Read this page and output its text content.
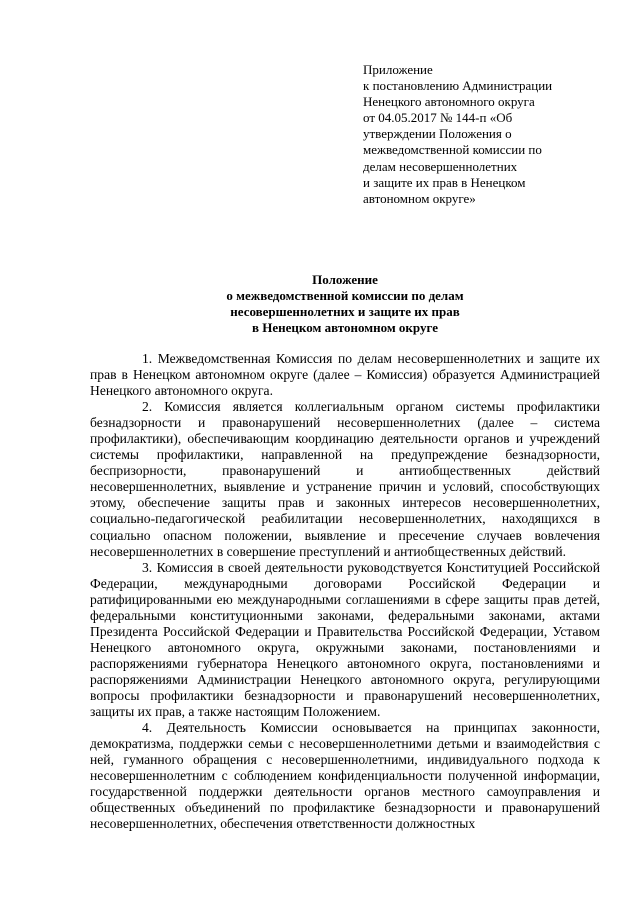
Приложение
к постановлению Администрации
Ненецкого автономного округа
от 04.05.2017 № 144-п «Об
утверждении Положения о
межведомственной комиссии по
делам несовершеннолетних
и защите их прав в Ненецком
автономном округе»
Положение
о межведомственной комиссии по делам
несовершеннолетних и защите их прав
в Ненецком автономном округе

1. Межведомственная Комиссия по делам несовершеннолетних и защите их прав в Ненецком автономном округе (далее – Комиссия) образуется Администрацией Ненецкого автономного округа.

2. Комиссия является коллегиальным органом системы профилактики безнадзорности и правонарушений несовершеннолетних (далее – система профилактики), обеспечивающим координацию деятельности органов и учреждений системы профилактики, направленной на предупреждение безнадзорности, беспризорности, правонарушений и антиобщественных действий несовершеннолетних, выявление и устранение причин и условий, способствующих этому, обеспечение защиты прав и законных интересов несовершеннолетних, социально-педагогической реабилитации несовершеннолетних, находящихся в социально опасном положении, выявление и пресечение случаев вовлечения несовершеннолетних в совершение преступлений и антиобщественных действий.

3. Комиссия в своей деятельности руководствуется Конституцией Российской Федерации, международными договорами Российской Федерации и ратифицированными ею международными соглашениями в сфере защиты прав детей, федеральными конституционными законами, федеральными законами, актами Президента Российской Федерации и Правительства Российской Федерации, Уставом Ненецкого автономного округа, окружными законами, постановлениями и распоряжениями губернатора Ненецкого автономного округа, постановлениями и распоряжениями Администрации Ненецкого автономного округа, регулирующими вопросы профилактики безнадзорности и правонарушений несовершеннолетних, защиты их прав, а также настоящим Положением.

4. Деятельность Комиссии основывается на принципах законности, демократизма, поддержки семьи с несовершеннолетними детьми и взаимодействия с ней, гуманного обращения с несовершеннолетними, индивидуального подхода к несовершеннолетним с соблюдением конфиденциальности полученной информации, государственной поддержки деятельности органов местного самоуправления и общественных объединений по профилактике безнадзорности и правонарушений несовершеннолетних, обеспечения ответственности должностных
